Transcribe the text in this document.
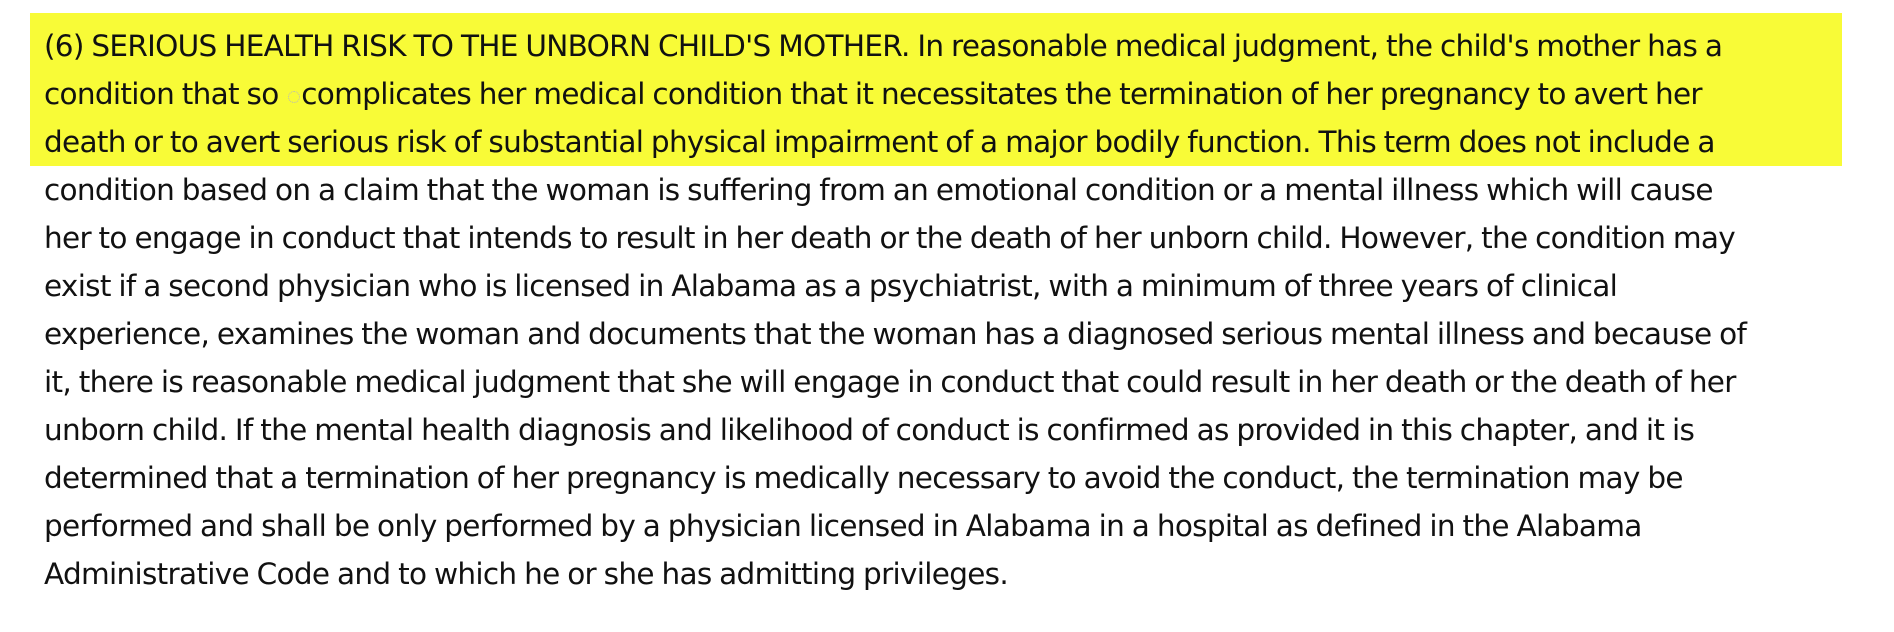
(6) SERIOUS HEALTH RISK TO THE UNBORN CHILD'S MOTHER. In reasonable medical judgment, the child's mother has a
condition that so complicates her medical condition that it necessitates the termination of her pregnancy to avert her
death or to avert serious risk of substantial physical impairment of a major bodily function. This term does not include a
condition based on a claim that the woman is suffering from an emotional condition or a mental illness which will cause
her to engage in conduct that intends to result in her death or the death of her unborn child. However, the condition may
exist if a second physician who is licensed in Alabama as a psychiatrist, with a minimum of three years of clinical
experience, examines the woman and documents that the woman has a diagnosed serious mental illness and because of
it, there is reasonable medical judgment that she will engage in conduct that could result in her death or the death of her
unborn child. If the mental health diagnosis and likelihood of conduct is confirmed as provided in this chapter, and it is
determined that a termination of her pregnancy is medically necessary to avoid the conduct, the termination may be
performed and shall be only performed by a physician licensed in Alabama in a hospital as defined in the Alabama
Administrative Code and to which he or she has admitting privileges.
